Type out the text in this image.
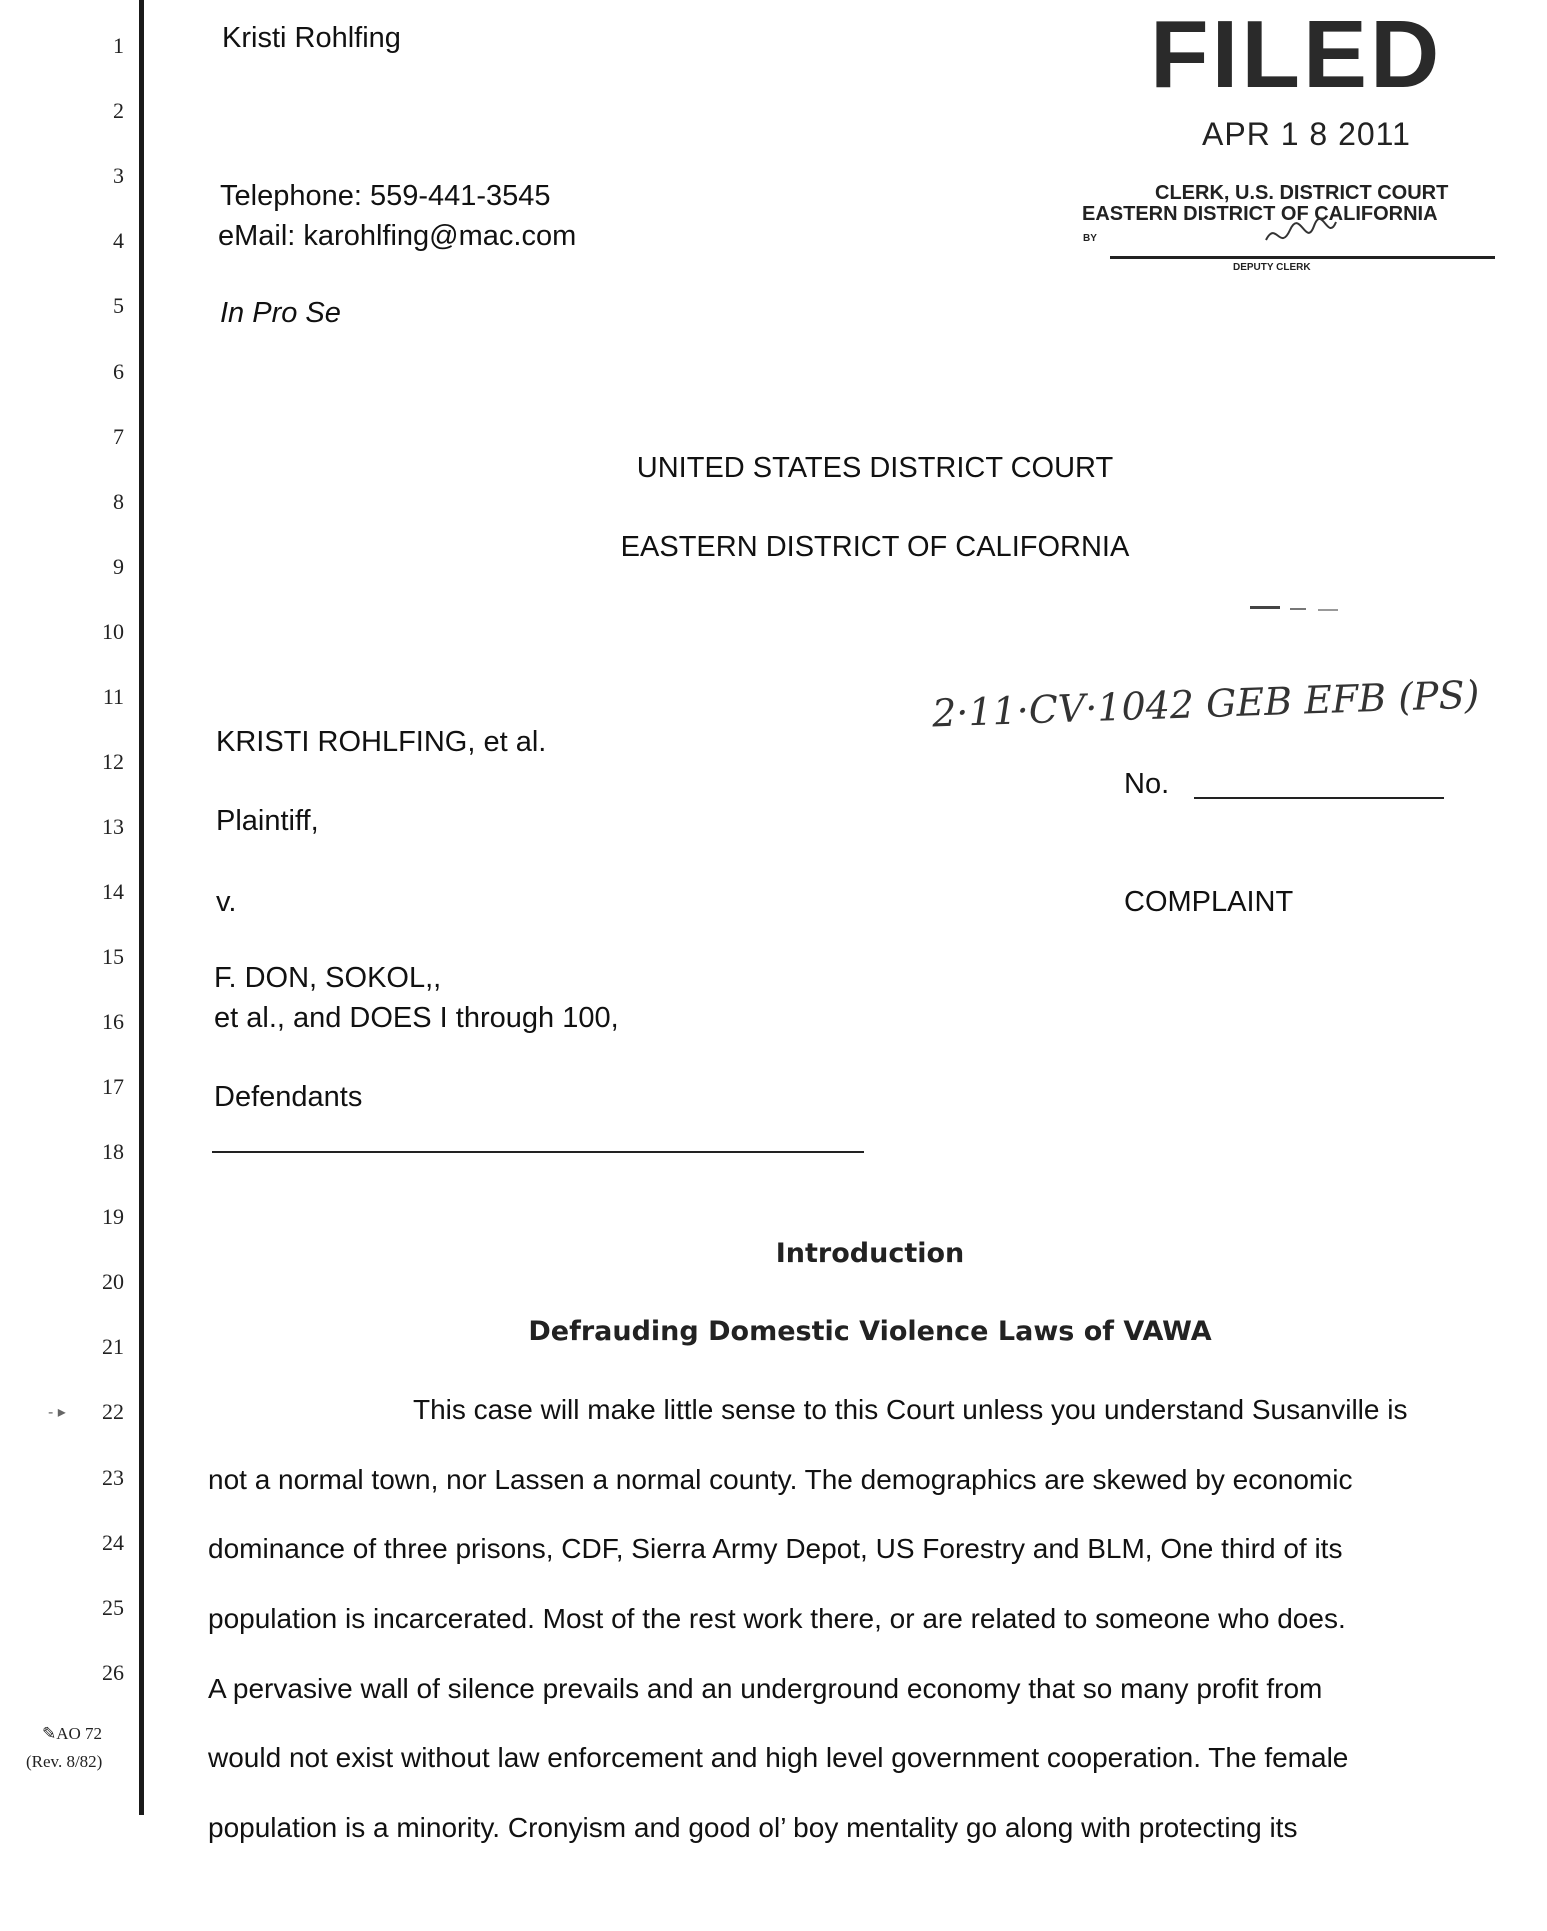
1
2
3
4
5
6
7
8
9
10
11
12
13
14
15
16
17
18
19
20
21
22
23
24
25
26
- ▸
✎AO 72
(Rev. 8/82)
Kristi Rohlfing
Telephone: 559-441-3545
eMail: karohlfing@mac.com
In Pro Se
FILED
APR 1 8 2011
CLERK, U.S. DISTRICT COURT
EASTERN DISTRICT OF CALIFORNIA
BY
DEPUTY CLERK
UNITED STATES DISTRICT COURT
EASTERN DISTRICT OF CALIFORNIA
2·11·CV·1042 GEB EFB (PS)
KRISTI ROHLFING, et al.
Plaintiff,
v.
F. DON, SOKOL,,
et al., and DOES I through 100,
Defendants
No.
COMPLAINT
Introduction
Defrauding Domestic Violence Laws of VAWA
This case will make little sense to this Court unless you understand Susanville is
not a normal town, nor Lassen a normal county. The demographics are skewed by economic
dominance of three prisons, CDF, Sierra Army Depot, US Forestry and BLM, One third of its
population is incarcerated. Most of the rest work there, or are related to someone who does.
A pervasive wall of silence prevails and an underground economy that so many profit from
would not exist without law enforcement and high level government cooperation. The female
population is a minority. Cronyism and good ol’ boy mentality go along with protecting its
